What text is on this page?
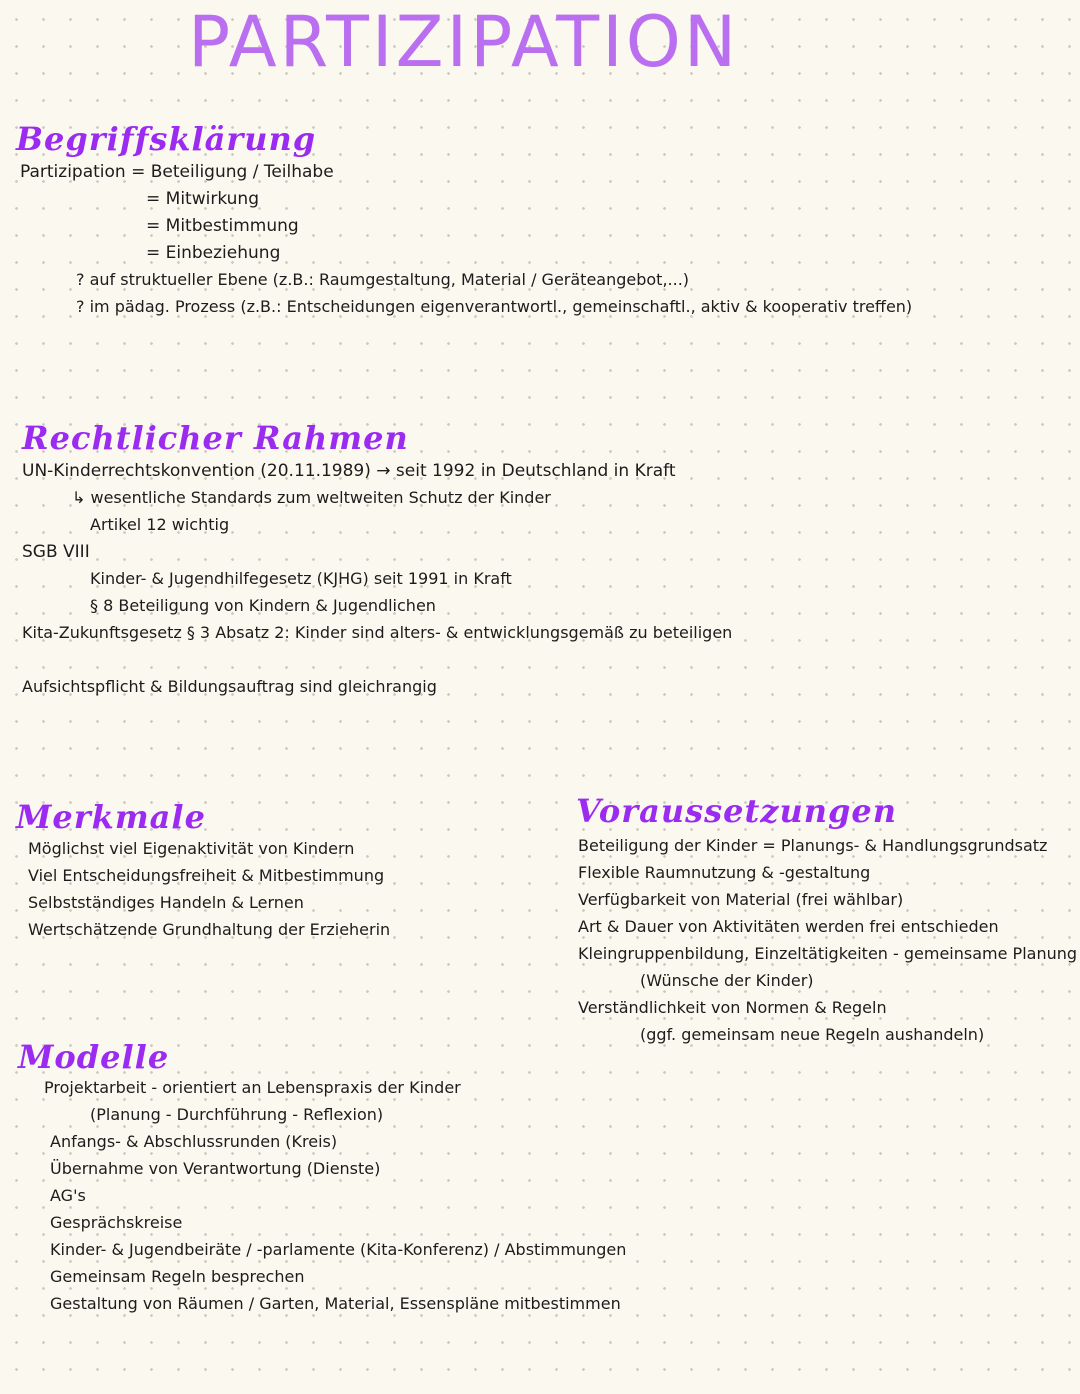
PARTIZIPATION
Begriffsklärung
Partizipation = Beteiligung / Teilhabe
= Mitwirkung
= Mitbestimmung
= Einbeziehung
? auf struktueller Ebene (z.B.: Raumgestaltung, Material / Geräteangebot,...)
? im pädag. Prozess (z.B.: Entscheidungen eigenverantwortl., gemeinschaftl., aktiv & kooperativ treffen)
Rechtlicher Rahmen
UN-Kinderrechtskonvention (20.11.1989) → seit 1992 in Deutschland in Kraft
↳ wesentliche Standards zum weltweiten Schutz der Kinder
Artikel 12 wichtig
SGB VIII
Kinder- & Jugendhilfegesetz (KJHG) seit 1991 in Kraft
§ 8 Beteiligung von Kindern & Jugendlichen
Kita-Zukunftsgesetz § 3 Absatz 2: Kinder sind alters- & entwicklungsgemäß zu beteiligen
Aufsichtspflicht & Bildungsauftrag sind gleichrangig
Merkmale
Möglichst viel Eigenaktivität von Kindern
Viel Entscheidungsfreiheit & Mitbestimmung
Selbstständiges Handeln & Lernen
Wertschätzende Grundhaltung der Erzieherin
Voraussetzungen
Beteiligung der Kinder = Planungs- & Handlungsgrundsatz
Flexible Raumnutzung & -gestaltung
Verfügbarkeit von Material (frei wählbar)
Art & Dauer von Aktivitäten werden frei entschieden
Kleingruppenbildung, Einzeltätigkeiten - gemeinsame Planung
(Wünsche der Kinder)
Verständlichkeit von Normen & Regeln
(ggf. gemeinsam neue Regeln aushandeln)
Modelle
Projektarbeit - orientiert an Lebenspraxis der Kinder
(Planung - Durchführung - Reflexion)
Anfangs- & Abschlussrunden (Kreis)
Übernahme von Verantwortung (Dienste)
AG's
Gesprächskreise
Kinder- & Jugendbeiräte / -parlamente (Kita-Konferenz) / Abstimmungen
Gemeinsam Regeln besprechen
Gestaltung von Räumen / Garten, Material, Essenspläne mitbestimmen
